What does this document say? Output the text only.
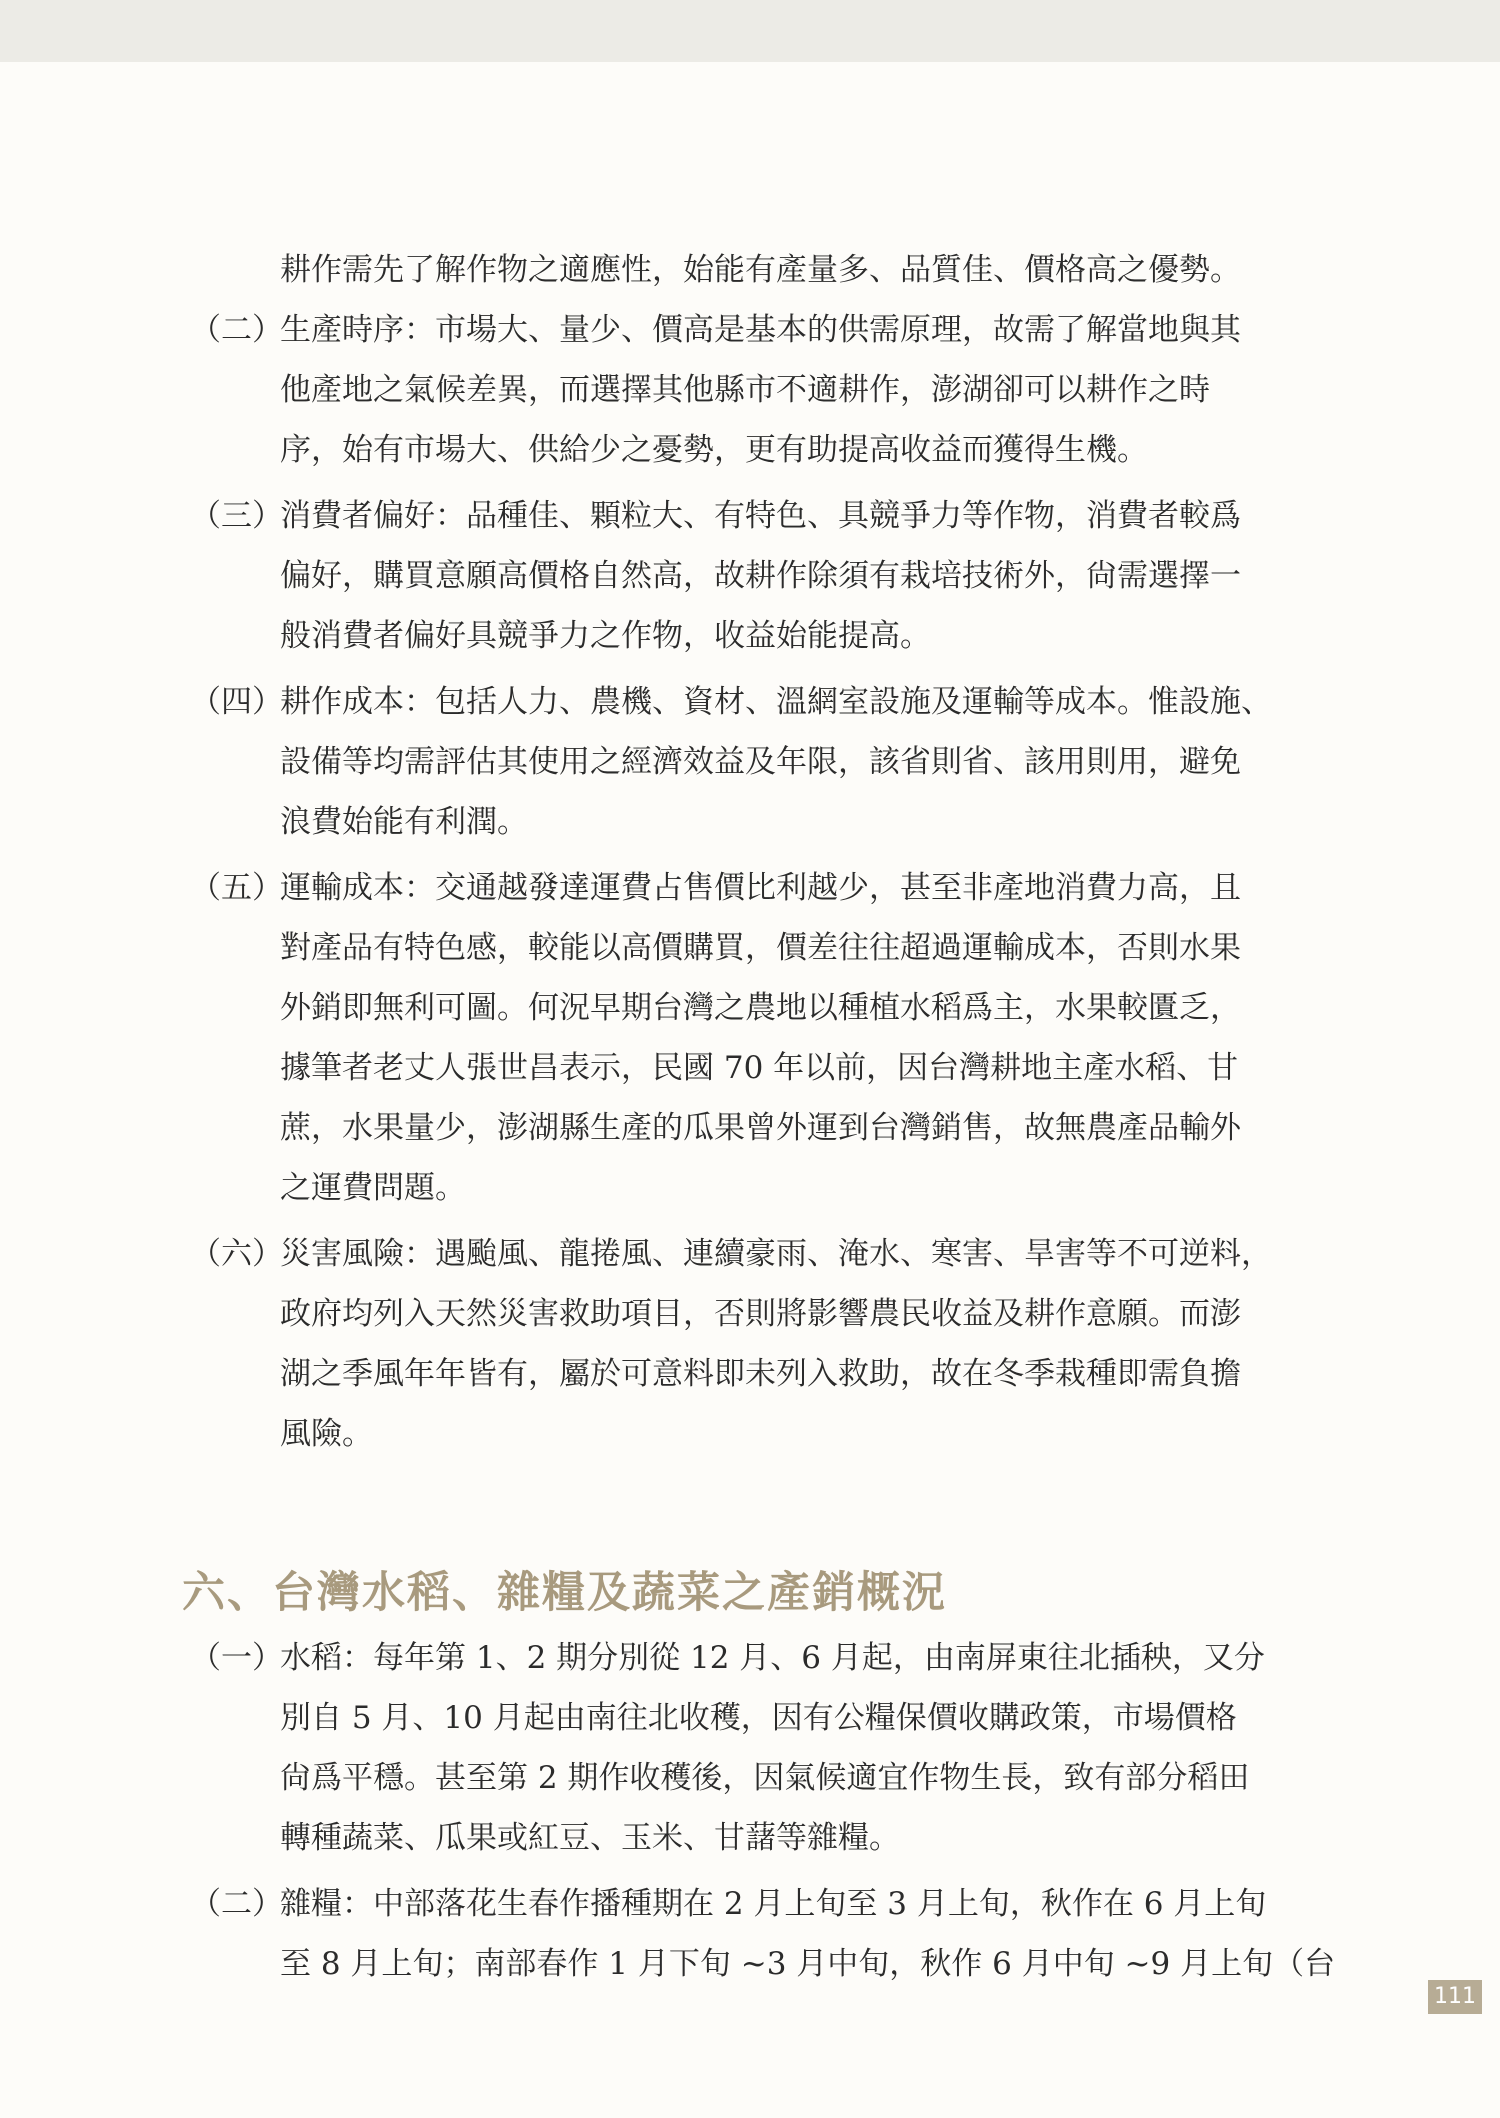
耕作需先了解作物之適應性，始能有產量多、品質佳、價格高之優勢。
（二）
生產時序：市場大、量少、價高是基本的供需原理，故需了解當地與其
他產地之氣候差異，而選擇其他縣市不適耕作，澎湖卻可以耕作之時
序，始有市場大、供給少之憂勢，更有助提高收益而獲得生機。
（三）
消費者偏好：品種佳、顆粒大、有特色、具競爭力等作物，消費者較爲
偏好，購買意願高價格自然高，故耕作除須有栽培技術外，尙需選擇一
般消費者偏好具競爭力之作物，收益始能提高。
（四）
耕作成本：包括人力、農機、資材、溫網室設施及運輸等成本。惟設施、
設備等均需評估其使用之經濟效益及年限，該省則省、該用則用，避免
浪費始能有利潤。
（五）
運輸成本：交通越發達運費占售價比利越少，甚至非產地消費力高，且
對產品有特色感，較能以高價購買，價差往往超過運輸成本，否則水果
外銷即無利可圖。何況早期台灣之農地以種植水稻爲主，水果較匱乏，
據筆者老丈人張世昌表示，民國 70 年以前，因台灣耕地主產水稻、甘
蔗，水果量少，澎湖縣生產的瓜果曾外運到台灣銷售，故無農產品輸外
之運費問題。
（六）
災害風險：遇颱風、龍捲風、連續豪雨、淹水、寒害、旱害等不可逆料，
政府均列入天然災害救助項目，否則將影響農民收益及耕作意願。而澎
湖之季風年年皆有，屬於可意料即未列入救助，故在冬季栽種即需負擔
風險。
六、台灣水稻、雜糧及蔬菜之產銷概況
（一）
水稻：每年第 1、2 期分別從 12 月、6 月起，由南屏東往北插秧，又分
別自 5 月、10 月起由南往北收穫，因有公糧保價收購政策，市場價格
尙爲平穩。甚至第 2 期作收穫後，因氣候適宜作物生長，致有部分稻田
轉種蔬菜、瓜果或紅豆、玉米、甘藷等雜糧。
（二）
雜糧：中部落花生春作播種期在 2 月上旬至 3 月上旬，秋作在 6 月上旬
至 8 月上旬；南部春作 1 月下旬 ~3 月中旬，秋作 6 月中旬 ~9 月上旬（台
111
